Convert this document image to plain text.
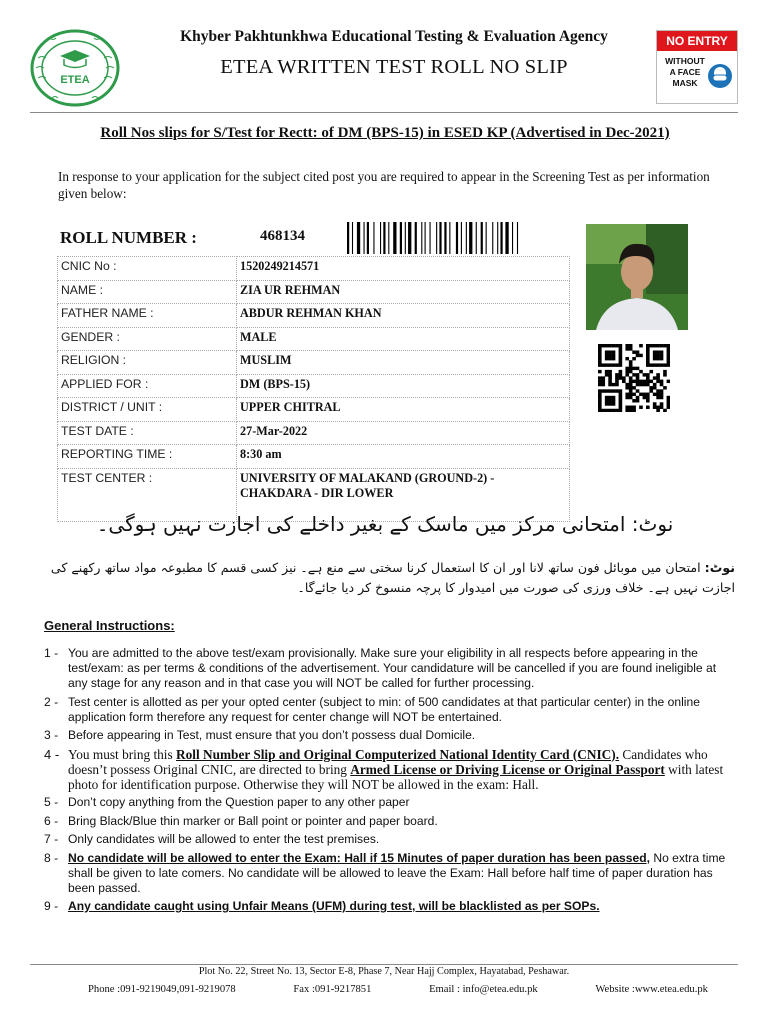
ETEA
Khyber Pakhtunkhwa Educational Testing & Evaluation Agency
ETEA WRITTEN TEST ROLL NO SLIP
NO ENTRY
WITHOUT
A FACE
MASK
Roll Nos slips for S/Test for Rectt: of DM (BPS-15) in ESED KP (Advertised in Dec-2021)
In response to your application for the subject cited post you are required to appear in the Screening Test as per information given below:
ROLL NUMBER :	468134
CNIC No :	1520249214571
NAME :	ZIA UR REHMAN
FATHER NAME :	ABDUR REHMAN KHAN
GENDER :	MALE
RELIGION :	MUSLIM
APPLIED FOR :	DM (BPS-15)
DISTRICT / UNIT :	UPPER CHITRAL
TEST DATE :	27-Mar-2022
REPORTING TIME :	8:30 am
TEST CENTER :	UNIVERSITY OF MALAKAND (GROUND-2) - CHAKDARA - DIR LOWER
نوٹ: امتحانی مرکز میں ماسک کے بغیر داخلے کی اجازت نہیں ہوگی۔
نوٹ: امتحان میں موبائل فون ساتھ لانا اور ان کا استعمال کرنا سختی سے منع ہے۔ نیز کسی قسم کا مطبوعہ مواد ساتھ رکھنے کی اجازت نہیں ہے۔ خلاف ورزی کی صورت میں امیدوار کا پرچہ منسوخ کر دیا جائےگا۔
General Instructions:
1 - You are admitted to the above test/exam provisionally. Make sure your eligibility in all respects before appearing in the test/exam: as per terms & conditions of the advertisement. Your candidature will be cancelled if you are found ineligible at any stage for any reason and in that case you will NOT be called for further processing.
2 - Test center is allotted as per your opted center (subject to min: of 500 candidates at that particular center) in the online application form therefore any request for center change will NOT be entertained.
3 - Before appearing in Test, must ensure that you don’t possess dual Domicile.
4 - You must bring this Roll Number Slip and Original Computerized National Identity Card (CNIC). Candidates who doesn’t possess Original CNIC, are directed to bring Armed License or Driving License or Original Passport with latest photo for identification purpose. Otherwise they will NOT be allowed in the exam: Hall.
5 - Don’t copy anything from the Question paper to any other paper
6 - Bring Black/Blue thin marker or Ball point or pointer and paper board.
7 - Only candidates will be allowed to enter the test premises.
8 - No candidate will be allowed to enter the Exam: Hall if 15 Minutes of paper duration has been passed, No extra time shall be given to late comers. No candidate will be allowed to leave the Exam: Hall before half time of paper duration has been passed.
9 - Any candidate caught using Unfair Means (UFM) during test, will be blacklisted as per SOPs.
Plot No. 22, Street No. 13, Sector E-8, Phase 7, Near Hajj Complex, Hayatabad, Peshawar.
Phone :091-9219049,091-9219078	Fax :091-9217851	Email : info@etea.edu.pk	Website :www.etea.edu.pk
